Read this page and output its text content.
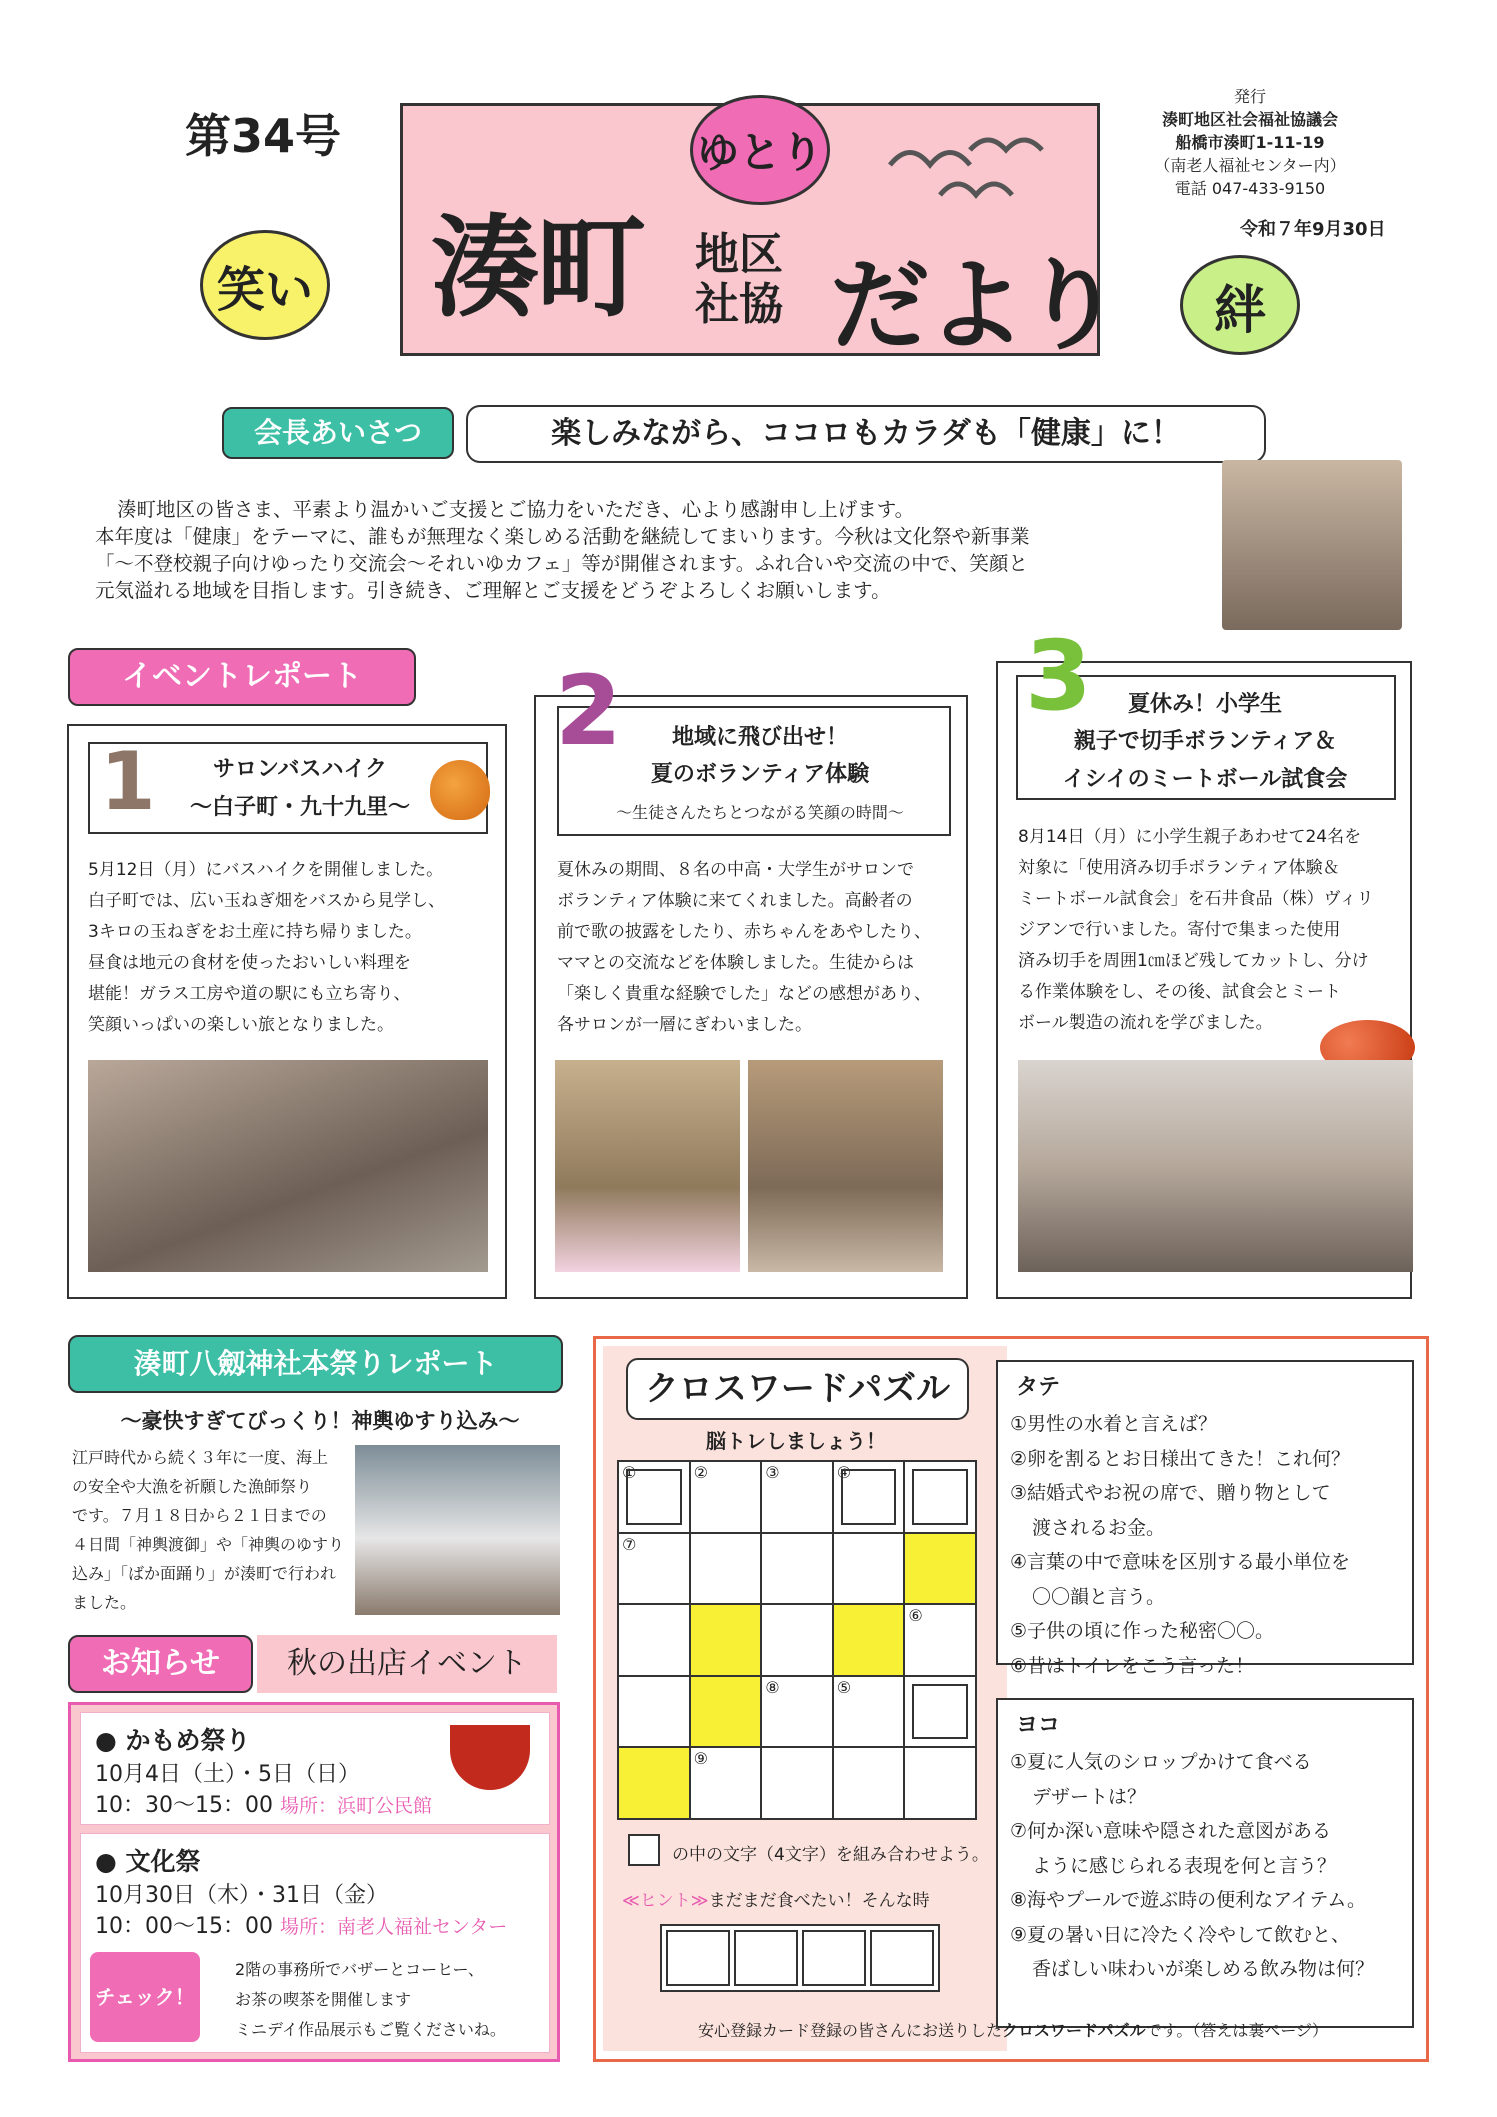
第34号
湊町 地区
社協 だより
ゆとり
笑い	絆
発行
湊町地区社会福祉協議会
船橋市湊町1-11-19
（南老人福祉センター内）
電話 047-433-9150
令和７年9月30日
会長あいさつ	楽しみながら、ココロもカラダも「健康」に！

湊町地区の皆さま、平素より温かいご支援とご協力をいただき、心より感謝申し上げます。

本年度は「健康」をテーマに、誰もが無理なく楽しめる活動を継続してまいります。今秋は文化祭や新事業

「～不登校親子向けゆったり交流会～それいゆカフェ」等が開催されます。ふれ合いや交流の中で、笑顔と

元気溢れる地域を目指します。引き続き、ご理解とご支援をどうぞよろしくお願いします。

イベントレポート
1	サロンバスハイク
～白子町・九十九里～
5月12日（月）にバスハイクを開催しました。
白子町では、広い玉ねぎ畑をバスから見学し、
3キロの玉ねぎをお土産に持ち帰りました。
昼食は地元の食材を使ったおいしい料理を
堪能！ガラス工房や道の駅にも立ち寄り、
笑顔いっぱいの楽しい旅となりました。
2	地域に飛び出せ！
夏のボランティア体験
～生徒さんたちとつながる笑顔の時間～
夏休みの期間、８名の中高・大学生がサロンで
ボランティア体験に来てくれました。高齢者の
前で歌の披露をしたり、赤ちゃんをあやしたり、
ママとの交流などを体験しました。生徒からは
「楽しく貴重な経験でした」などの感想があり、
各サロンが一層にぎわいました。
3	夏休み！小学生
親子で切手ボランティア＆
イシイのミートボール試食会
8月14日（月）に小学生親子あわせて24名を
対象に「使用済み切手ボランティア体験＆
ミートボール試食会」を石井食品（株）ヴィリ
ジアンで行いました。寄付で集まった使用
済み切手を周囲1㎝ほど残してカットし、分け
る作業体験をし、その後、試食会とミート
ボール製造の流れを学びました。
湊町八劔神社本祭りレポート
～豪快すぎてびっくり！神輿ゆすり込み～
江戸時代から続く３年に一度、海上
の安全や大漁を祈願した漁師祭り
です。７月１８日から２１日までの
４日間「神輿渡御」や「神輿のゆすり
込み」「ばか面踊り」が湊町で行われ
ました。
お知らせ	秋の出店イベント
● かもめ祭り
10月4日（土）・5日（日）
10：30～15：00 場所：浜町公民館
● 文化祭
10月30日（木）・31日（金）
10：00～15：00 場所：南老人福祉センター
チェック！
2階の事務所でバザーとコーヒー、
お茶の喫茶を開催します
ミニデイ作品展示もご覧くださいね。
クロスワードパズル
脳トレしましょう！
①	②	③	④
⑦
⑥
⑧	⑤
⑨
の中の文字（4文字）を組み合わせよう。
≪ヒント≫まだまだ食べたい！そんな時
タテ
①男性の水着と言えば？
②卵を割るとお日様出てきた！これ何？
③結婚式やお祝の席で、贈り物として
渡されるお金。
④言葉の中で意味を区別する最小単位を
〇〇韻と言う。
⑤子供の頃に作った秘密〇〇。
⑥昔はトイレをこう言った！
ヨコ
①夏に人気のシロップかけて食べる
デザートは？
⑦何か深い意味や隠された意図がある
ように感じられる表現を何と言う？
⑧海やプールで遊ぶ時の便利なアイテム。
⑨夏の暑い日に冷たく冷やして飲むと、
香ばしい味わいが楽しめる飲み物は何？
安心登録カード登録の皆さんにお送りしたクロスワードパズルです。（答えは裏ページ）
